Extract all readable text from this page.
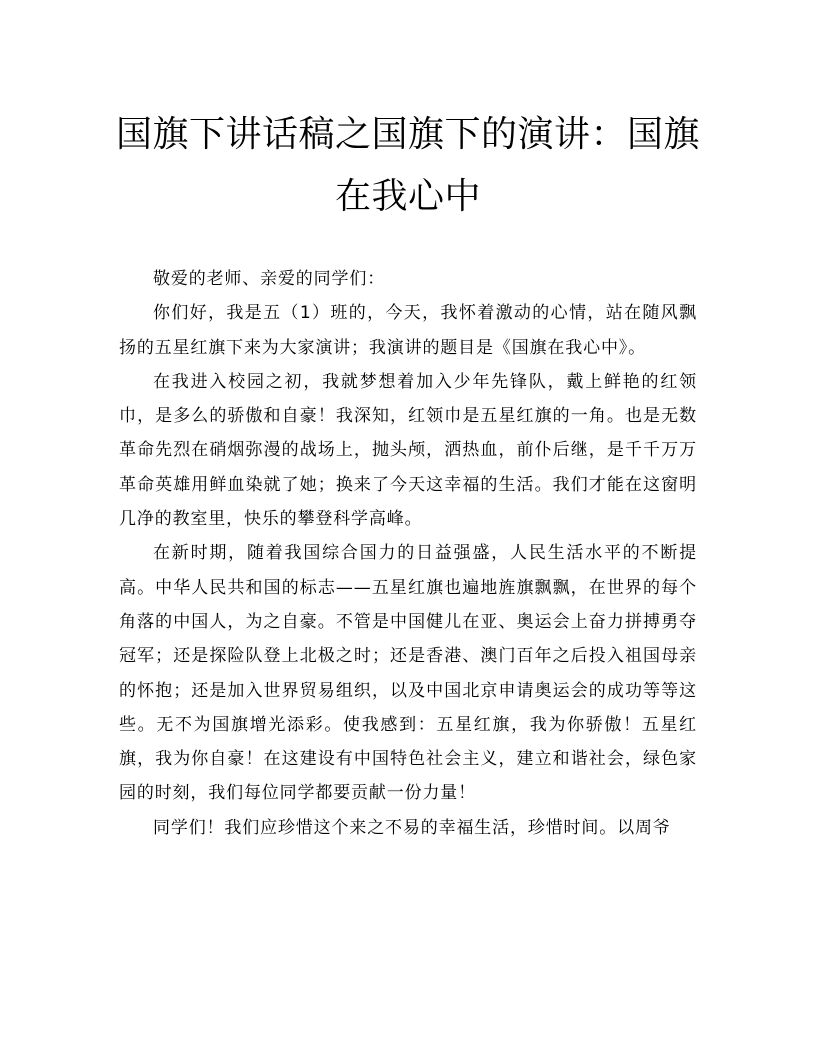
国旗下讲话稿之国旗下的演讲：国旗在我心中

敬爱的老师、亲爱的同学们：

你们好，我是五（1）班的，今天，我怀着激动的心情，站在随风飘扬的五星红旗下来为大家演讲；我演讲的题目是《国旗在我心中》。

在我进入校园之初，我就梦想着加入少年先锋队，戴上鲜艳的红领巾，是多么的骄傲和自豪！我深知，红领巾是五星红旗的一角。也是无数革命先烈在硝烟弥漫的战场上，抛头颅，洒热血，前仆后继，是千千万万革命英雄用鲜血染就了她；换来了今天这幸福的生活。我们才能在这窗明几净的教室里，快乐的攀登科学高峰。

在新时期，随着我国综合国力的日益强盛，人民生活水平的不断提高。中华人民共和国的标志——五星红旗也遍地旌旗飘飘，在世界的每个角落的中国人，为之自豪。不管是中国健儿在亚、奥运会上奋力拼搏勇夺冠军；还是探险队登上北极之时；还是香港、澳门百年之后投入祖国母亲的怀抱；还是加入世界贸易组织，以及中国北京申请奥运会的成功等等这些。无不为国旗增光添彩。使我感到：五星红旗，我为你骄傲！五星红旗，我为你自豪！在这建设有中国特色社会主义，建立和谐社会，绿色家园的时刻，我们每位同学都要贡献一份力量！

同学们！我们应珍惜这个来之不易的幸福生活，珍惜时间。以周爷
